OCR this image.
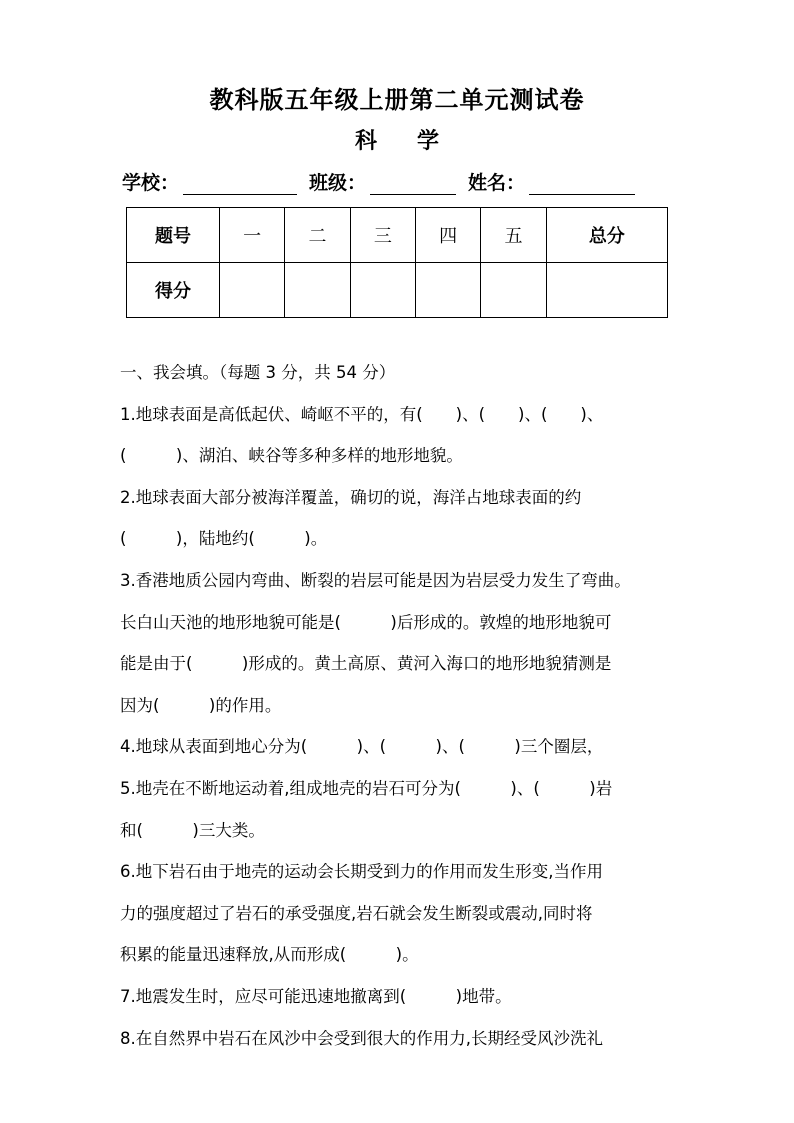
教科版五年级上册第二单元测试卷
科 学
学校：	班级：	姓名：
题号	一	二	三	四	五	总分
得分						
一、我会填。（每题 3 分，共 54 分）
1.地球表面是高低起伏、崎岖不平的，有(　　)、(　　)、(　　)、
(　　　)、湖泊、峡谷等多种多样的地形地貌。
2.地球表面大部分被海洋覆盖，确切的说，海洋占地球表面的约
(　　　)，陆地约(　　　)。
3.香港地质公园内弯曲、断裂的岩层可能是因为岩层受力发生了弯曲。
长白山天池的地形地貌可能是(　　　)后形成的。敦煌的地形地貌可
能是由于(　　　)形成的。黄土高原、黄河入海口的地形地貌猜测是
因为(　　　)的作用。
4.地球从表面到地心分为(　　　)、(　　　)、(　　　)三个圈层，
5.地壳在不断地运动着,组成地壳的岩石可分为(　　　)、(　　　)岩
和(　　　)三大类。
6.地下岩石由于地壳的运动会长期受到力的作用而发生形变,当作用
力的强度超过了岩石的承受强度,岩石就会发生断裂或震动,同时将
积累的能量迅速释放,从而形成(　　　)。
7.地震发生时，应尽可能迅速地撤离到(　　　)地带。
8.在自然界中岩石在风沙中会受到很大的作用力,长期经受风沙洗礼
